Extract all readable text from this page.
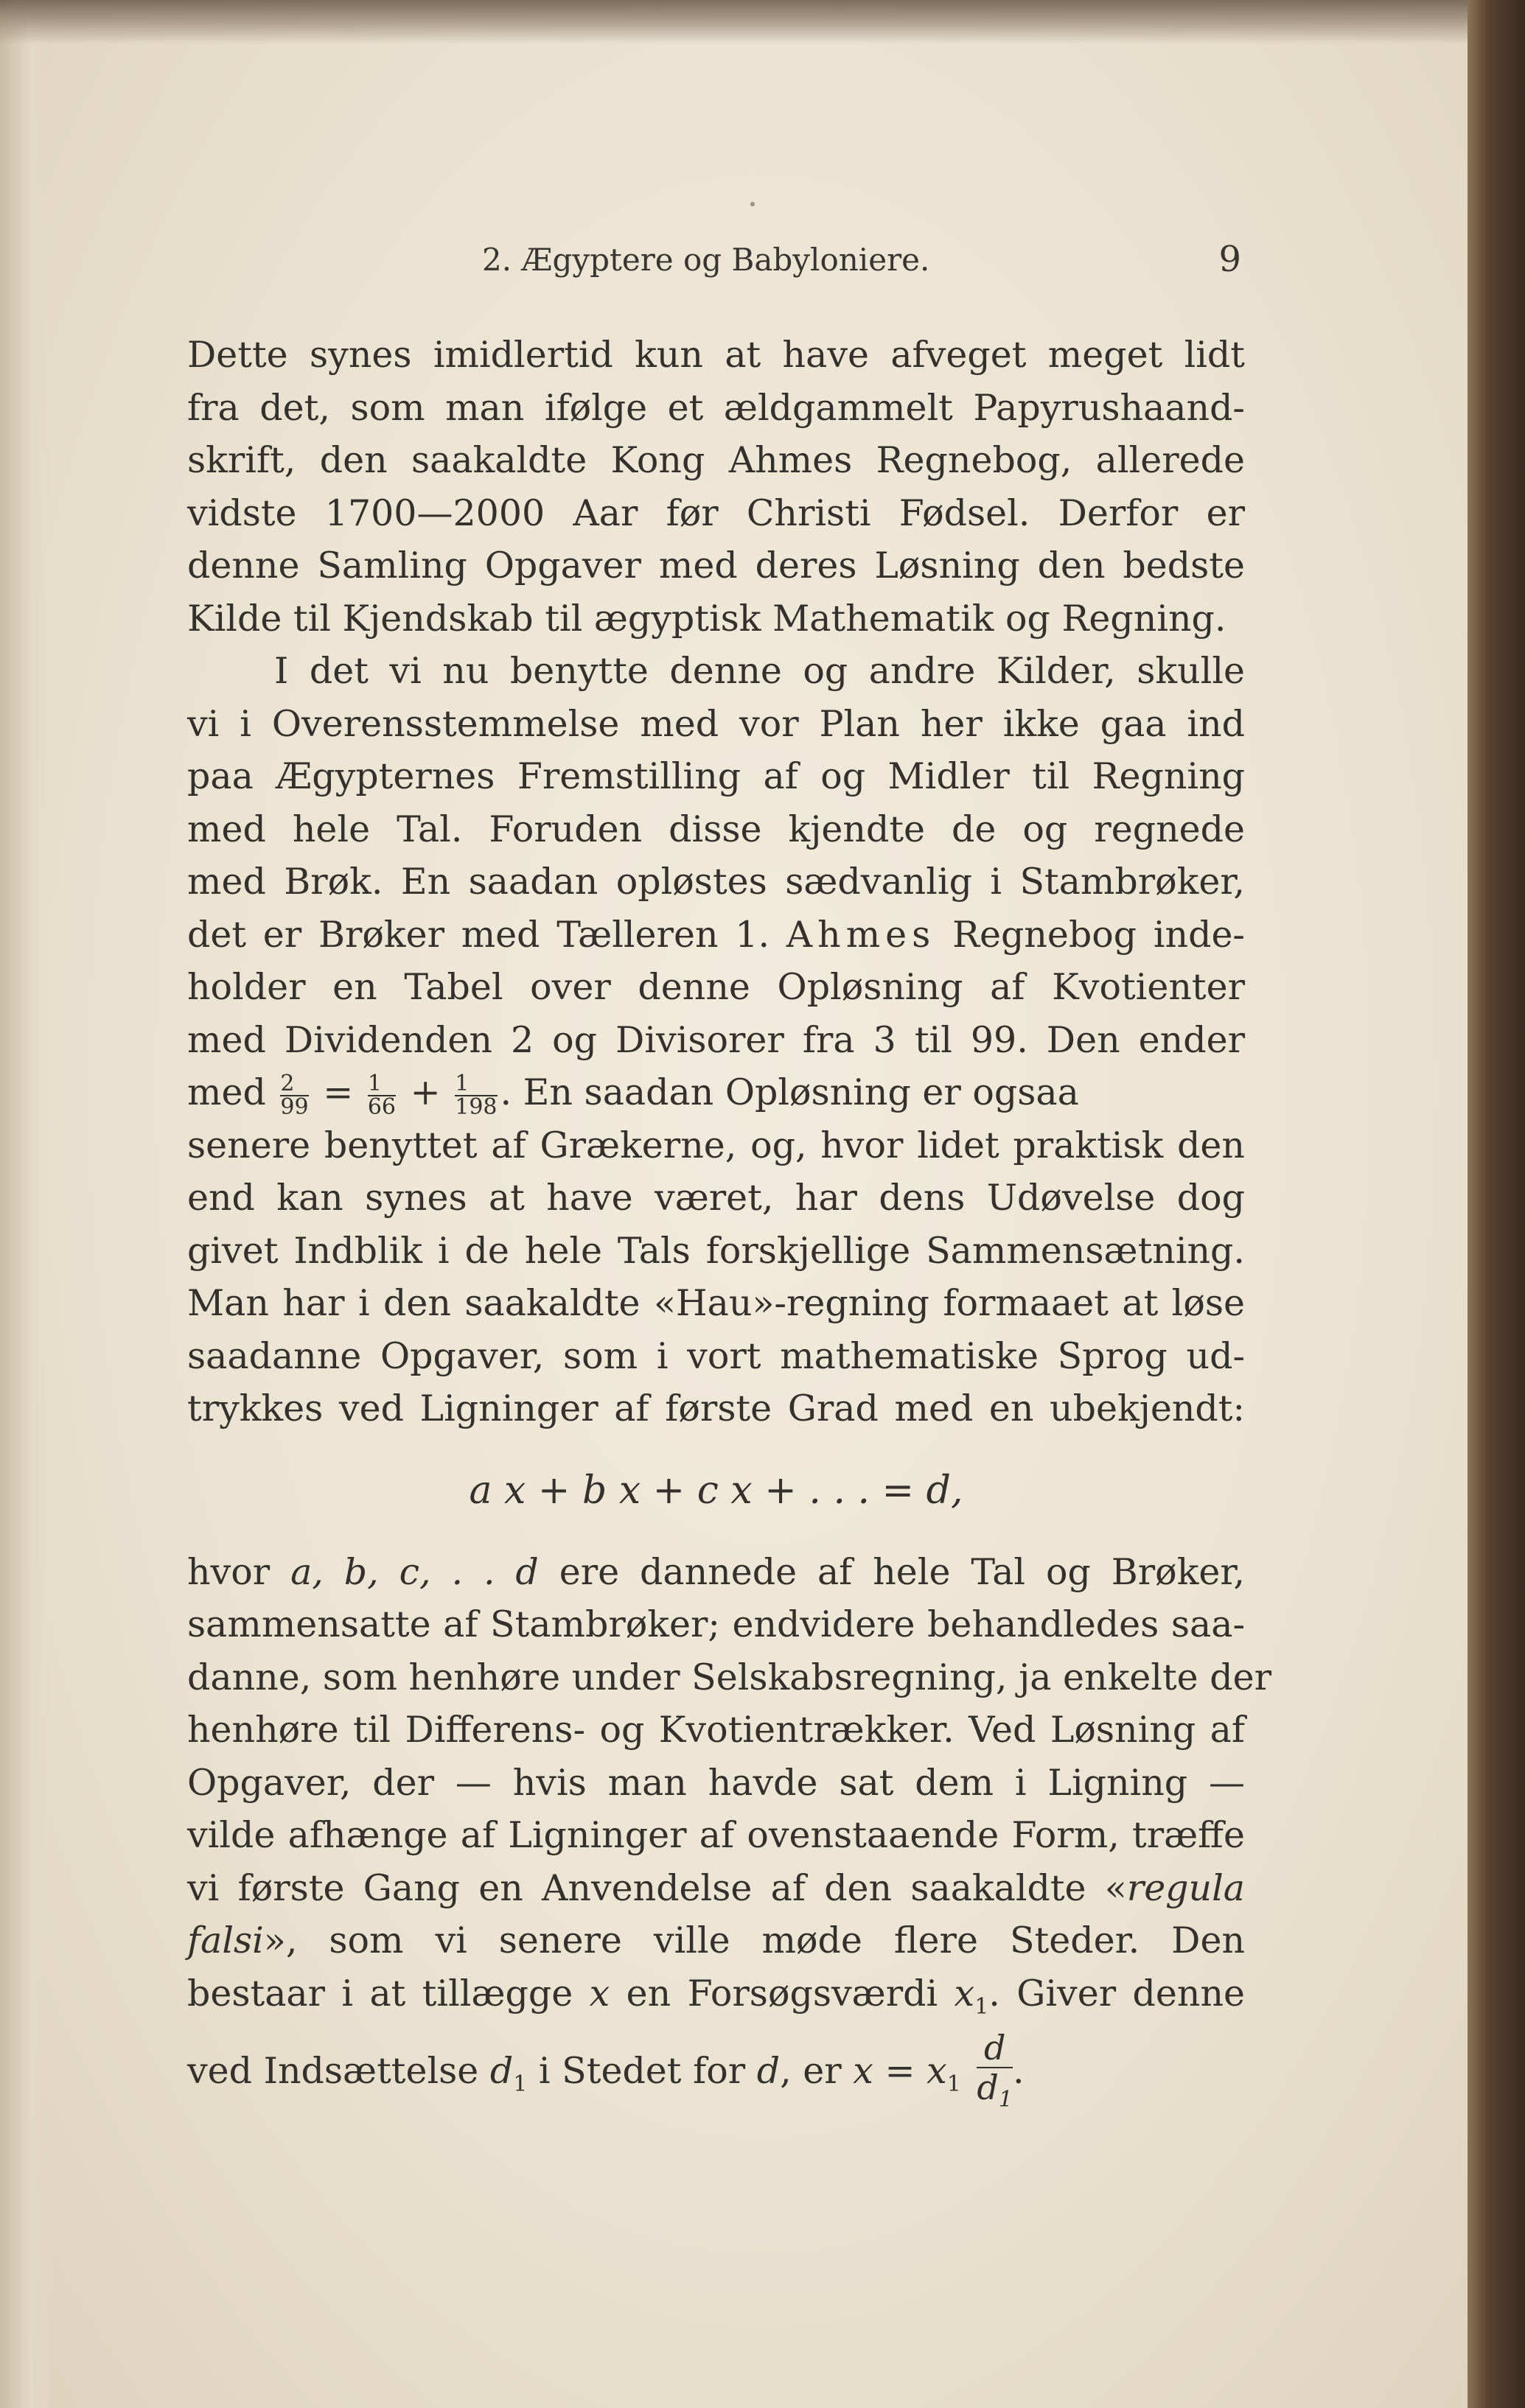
2. Ægyptere og Babyloniere.	9
Dette synes imidlertid kun at have afveget meget lidt
fra det, som man ifølge et ældgammelt Papyrushaand-
skrift, den saakaldte Kong Ahmes Regnebog, allerede
vidste 1700—2000 Aar før Christi Fødsel. Derfor er
denne Samling Opgaver med deres Løsning den bedste
Kilde til Kjendskab til ægyptisk Mathematik og Regning.
I det vi nu benytte denne og andre Kilder, skulle
vi i Overensstemmelse med vor Plan her ikke gaa ind
paa Ægypternes Fremstilling af og Midler til Regning
med hele Tal. Foruden disse kjendte de og regnede
med Brøk. En saadan opløstes sædvanlig i Stambrøker,
det er Brøker med Tælleren 1. Ahmes Regnebog inde-
holder en Tabel over denne Opløsning af Kvotienter
med Dividenden 2 og Divisorer fra 3 til 99. Den ender
med $\frac{2}{99} = \frac{1}{66} + \frac{1}{198}$ . En saadan Opløsning er ogsaa
senere benyttet af Grækerne, og, hvor lidet praktisk den
end kan synes at have været, har dens Udøvelse dog
givet Indblik i de hele Tals forskjellige Sammensætning.
Man har i den saakaldte «Hau»-regning formaaet at løse
saadanne Opgaver, som i vort mathematiske Sprog ud-
trykkes ved Ligninger af første Grad med en ubekjendt:
a x + b x + c x + . . . = d,
hvor a, b, c, . . d ere dannede af hele Tal og Brøker,
sammensatte af Stambrøker; endvidere behandledes saa-
danne, som henhøre under Selskabsregning, ja enkelte der
henhøre til Differens- og Kvotientrækker. Ved Løsning af
Opgaver, der — hvis man havde sat dem i Ligning —
vilde afhænge af Ligninger af ovenstaaende Form, træffe
vi første Gang en Anvendelse af den saakaldte «regula
falsi», som vi senere ville møde flere Steder. Den
bestaar i at tillægge x en Forsøgsværdi $x_1$. Giver denne
ved Indsættelse $d_1$ i Stedet for d, er $x = x_1 \frac{d}{d_1}$ .
